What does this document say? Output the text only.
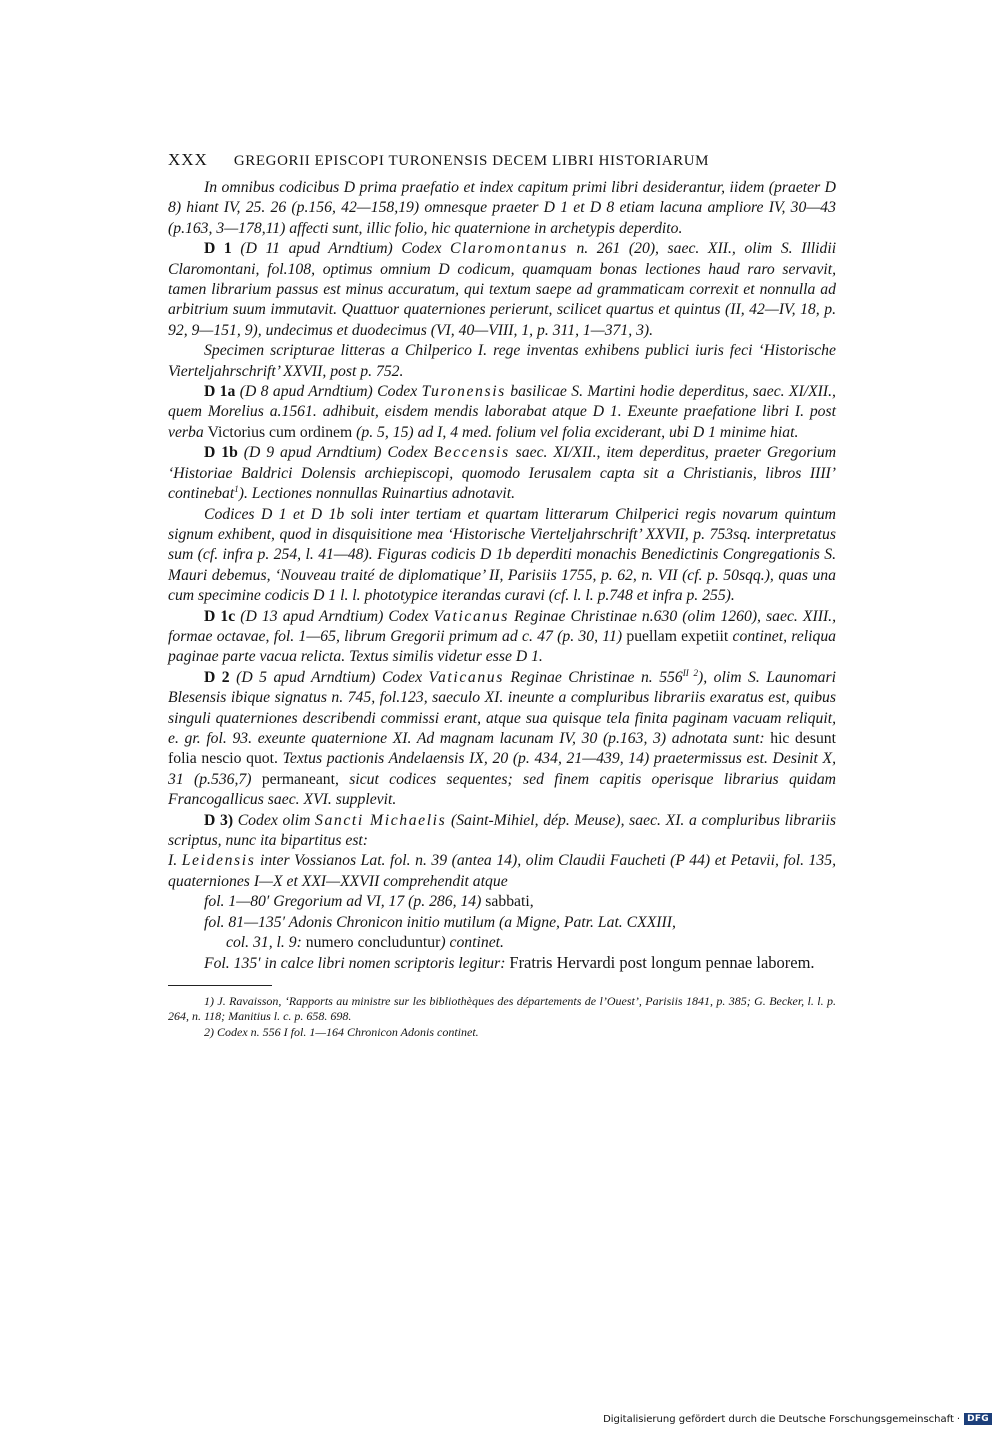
XXX GREGORII EPISCOPI TURONENSIS DECEM LIBRI HISTORIARUM

In omnibus codicibus D prima praefatio et index capitum primi libri desiderantur, iidem (praeter D 8) hiant IV, 25. 26 (p.156, 42—158,19) omnesque praeter D 1 et D 8 etiam lacuna ampliore IV, 30—43 (p.163, 3—178,11) affecti sunt, illic folio, hic quaternione in archetypis deperdito.

D 1 (D 11 apud Arndtium) Codex Claromontanus n. 261 (20), saec. XII., olim S. Illidii Claromontani, fol.108, optimus omnium D codicum, quamquam bonas lectiones haud raro servavit, tamen librarium passus est minus accuratum, qui textum saepe ad grammaticam correxit et nonnulla ad arbitrium suum immutavit. Quattuor quaterniones perierunt, scilicet quartus et quintus (II, 42—IV, 18, p. 92, 9—151, 9), undecimus et duodecimus (VI, 40—VIII, 1, p. 311, 1—371, 3).

Specimen scripturae litteras a Chilperico I. rege inventas exhibens publici iuris feci ‘Historische Vierteljahrschrift’ XXVII, post p. 752.

D 1a (D 8 apud Arndtium) Codex Turonensis basilicae S. Martini hodie deperditus, saec. XI/XII., quem Morelius a.1561. adhibuit, eisdem mendis laborabat atque D 1. Exeunte praefatione libri I. post verba Victorius cum ordinem (p. 5, 15) ad I, 4 med. folium vel folia exciderant, ubi D 1 minime hiat.

D 1b (D 9 apud Arndtium) Codex Beccensis saec. XI/XII., item deperditus, praeter Gregorium ‘Historiae Baldrici Dolensis archiepiscopi, quomodo Ierusalem capta sit a Christianis, libros IIII’ continebat$^1$). Lectiones nonnullas Ruinartius adnotavit.

Codices D 1 et D 1b soli inter tertiam et quartam litterarum Chilperici regis novarum quintum signum exhibent, quod in disquisitione mea ‘Historische Vierteljahrschrift’ XXVII, p. 753sq. interpretatus sum (cf. infra p. 254, l. 41—48). Figuras codicis D 1b deperditi monachis Benedictinis Congregationis S. Mauri debemus, ‘Nouveau traité de diplomatique’ II, Parisiis 1755, p. 62, n. VII (cf. p. 50sqq.), quas una cum specimine codicis D 1 l. l. phototypice iterandas curavi (cf. l. l. p.748 et infra p. 255).

D 1c (D 13 apud Arndtium) Codex Vaticanus Reginae Christinae n.630 (olim 1260), saec. XIII., formae octavae, fol. 1—65, librum Gregorii primum ad c. 47 (p. 30, 11) puellam expetiit continet, reliqua paginae parte vacua relicta. Textus similis videtur esse D 1.

D 2 (D 5 apud Arndtium) Codex Vaticanus Reginae Christinae n. $556^{II 2}$), olim S. Launomari Blesensis ibique signatus n. 745, fol.123, saeculo XI. ineunte a compluribus librariis exaratus est, quibus singuli quaterniones describendi commissi erant, atque sua quisque tela finita paginam vacuam reliquit, e. gr. fol. 93. exeunte quaternione XI. Ad magnam lacunam IV, 30 (p.163, 3) adnotata sunt: hic desunt folia nescio quot. Textus pactionis Andelaensis IX, 20 (p. 434, 21—439, 14) praetermissus est. Desinit X, 31 (p.536,7) permaneant, sicut codices sequentes; sed finem capitis operisque librarius quidam Francogallicus saec. XVI. supplevit.

D 3) Codex olim Sancti Michaelis (Saint-Mihiel, dép. Meuse), saec. XI. a compluribus librariis scriptus, nunc ita bipartitus est:

I. Leidensis inter Vossianos Lat. fol. n. 39 (antea 14), olim Claudii Faucheti (P 44) et Petavii, fol. 135, quaterniones I—X et XXI—XXVII comprehendit atque

fol. 1—80′ Gregorium ad VI, 17 (p. 286, 14) sabbati,

fol. 81—135′ Adonis Chronicon initio mutilum (a Migne, Patr. Lat. CXXIII,

col. 31, l. 9: numero concluduntur) continet.

Fol. 135′ in calce libri nomen scriptoris legitur: Fratris Hervardi post longum pennae laborem.

1) J. Ravaisson, ‘Rapports au ministre sur les bibliothèques des départements de l’Ouest’, Parisiis 1841, p. 385; G. Becker, l. l. p. 264, n. 118; Manitius l. c. p. 658. 698.

2) Codex n. 556 I fol. 1—164 Chronicon Adonis continet.

Digitalisierung gefördert durch die Deutsche Forschungsgemeinschaft · DFG
